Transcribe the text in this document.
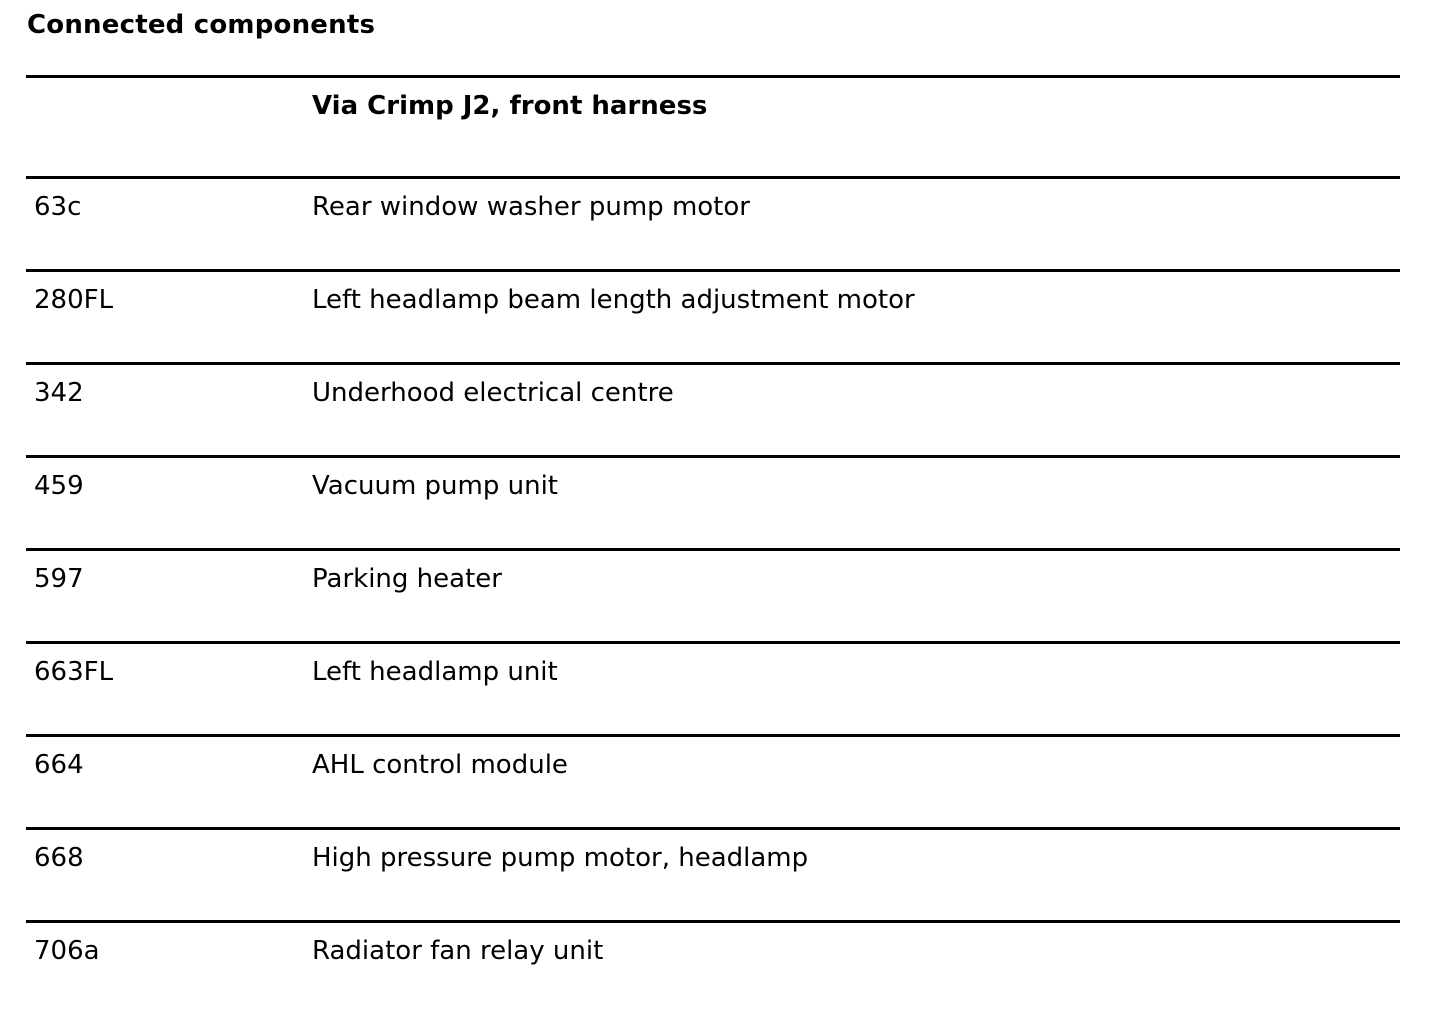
Connected components
Via Crimp J2, front harness
63c	Rear window washer pump motor
280FL	Left headlamp beam length adjustment motor
342	Underhood electrical centre
459	Vacuum pump unit
597	Parking heater
663FL	Left headlamp unit
664	AHL control module
668	High pressure pump motor, headlamp
706a	Radiator fan relay unit
